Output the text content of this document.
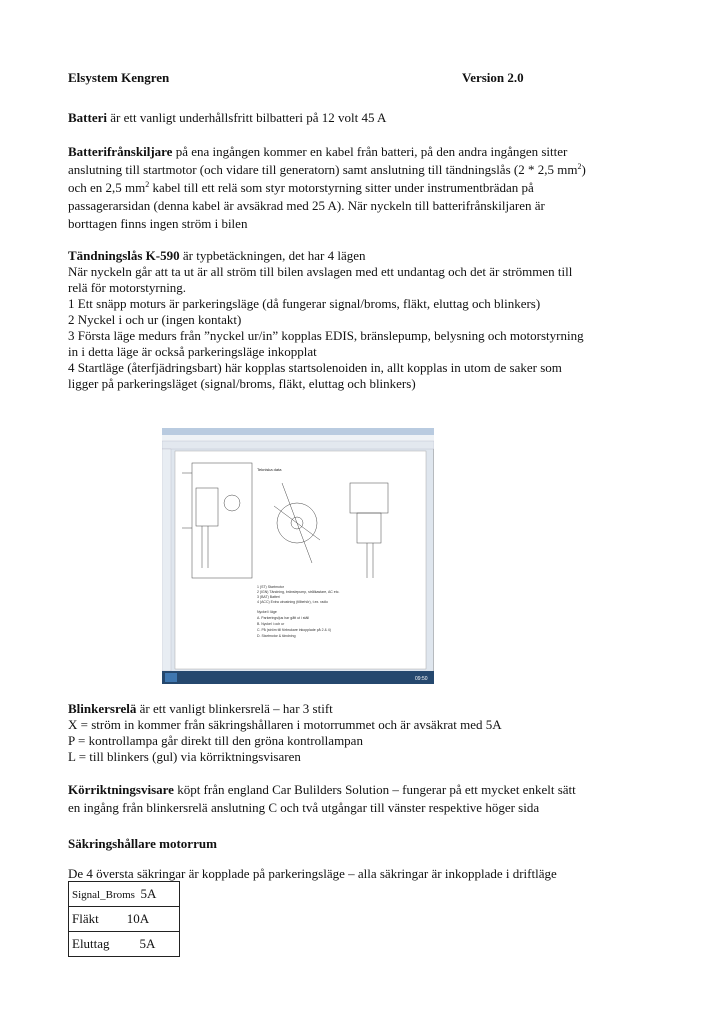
Elsystem Kengren	Version 2.0
Batteri är ett vanligt underhållsfritt bilbatteri på 12 volt 45 A
Batterifrånskiljare på ena ingången kommer en kabel från batteri, på den andra ingången sitter
anslutning till startmotor (och vidare till generatorn) samt anslutning till tändningslås (2 * 2,5 $mm^2$)
och en 2,5 $mm^2$ kabel till ett relä som styr motorstyrning sitter under instrumentbrädan på
passagerarsidan (denna kabel är avsäkrad med 25 A). När nyckeln till batterifrånskiljaren är
borttagen finns ingen ström i bilen
Tändningslås K-590 är typbetäckningen, det har 4 lägen
När nyckeln går att ta ut är all ström till bilen avslagen med ett undantag och det är strömmen till
relä för motorstyrning.
1 Ett snäpp moturs är parkeringsläge (då fungerar signal/broms, fläkt, eluttag och blinkers)
2 Nyckel i och ur (ingen kontakt)
3 Första läge medurs från ”nyckel ur/in” kopplas EDIS, bränslepump, belysning och motorstyrning
in i detta läge är också parkeringsläge inkopplat
4 Startläge (återfjädringsbart) här kopplas startsolenoiden in, allt kopplas in utom de saker som
ligger på parkeringsläget (signal/broms, fläkt, eluttag och blinkers)
09:50
Tekniska data
1 (ST) Startmotor
2 (IGN) Tändning, bränslepump, strålkastare, AC etc.
3 (BAT) Batteri
4 (ACC) Extra utrustning (tillbehör), t.ex. radio
Nyckel i läge
A. Parkeringsljus har gått ut i ställ
B. Nyckel i och ur
C. På (ström till förbrukare inkopplade på 2 & 4)
D. Startmotor & tändning
Blinkersrelä är ett vanligt blinkersrelä – har 3 stift
X = ström in kommer från säkringshållaren i motorrummet och är avsäkrat med 5A
P = kontrollampa går direkt till den gröna kontrollampan
L = till blinkers (gul) via körriktningsvisaren
Körriktningsvisare köpt från england Car Bulilders Solution – fungerar på ett mycket enkelt sätt
en ingång från blinkersrelä anslutning C och två utgångar till vänster respektive höger sida
Säkringshållare motorrum
De 4 översta säkringar är kopplade på parkeringsläge – alla säkringar är inkopplade i driftläge
Signal_Broms 5A
Fläkt 10A
Eluttag 5A
